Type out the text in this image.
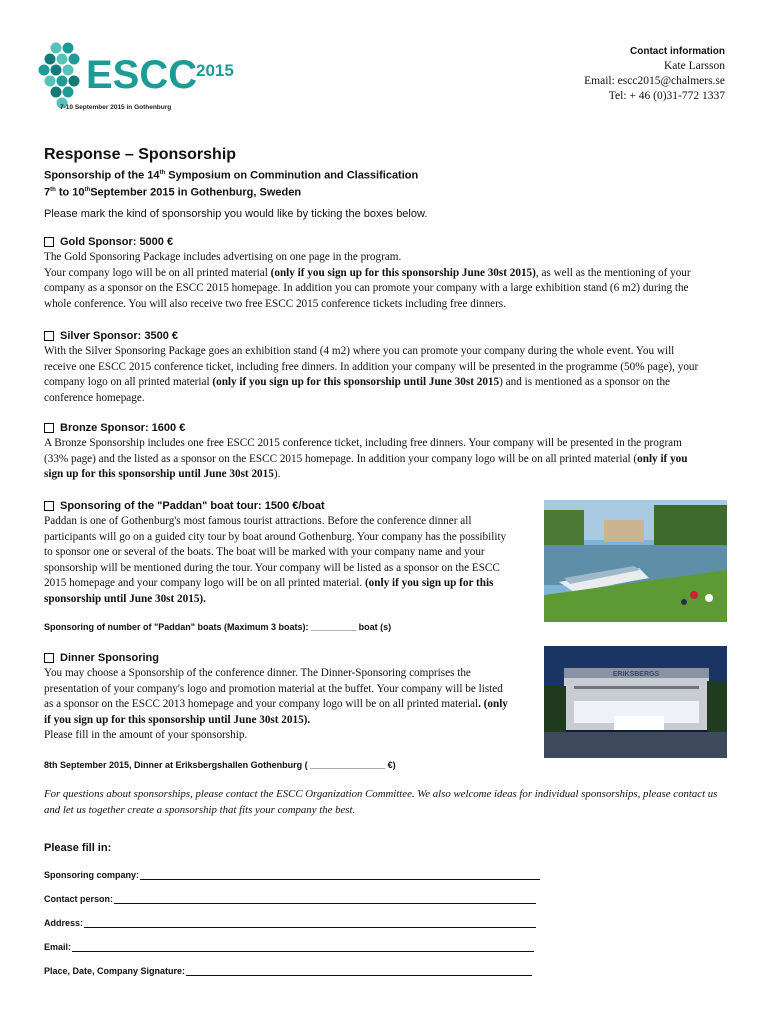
ESCC
2015
7-10 September 2015 in Gothenburg
Contact information
Kate Larsson
Email: escc2015@chalmers.se
Tel: + 46 (0)31-772 1337
Response – Sponsorship
Sponsorship of the 14th Symposium on Comminution and Classification
7th to 10thSeptember 2015 in Gothenburg, Sweden
Please mark the kind of sponsorship you would like by ticking the boxes below.
Gold Sponsor: 5000 €
The Gold Sponsoring Package includes advertising on one page in the program.
Your company logo will be on all printed material (only if you sign up for this sponsorship June 30st 2015), as well as the mentioning of your
company as a sponsor on the ESCC 2015 homepage. In addition you can promote your company with a large exhibition stand (6 m2) during the
whole conference. You will also receive two free ESCC 2015 conference tickets including free dinners.
Silver Sponsor: 3500 €
With the Silver Sponsoring Package goes an exhibition stand (4 m2) where you can promote your company during the whole event. You will
receive one ESCC 2015 conference ticket, including free dinners. In addition your company will be presented in the programme (50% page), your
company logo on all printed material (only if you sign up for this sponsorship until June 30st 2015) and is mentioned as a sponsor on the
conference homepage.
Bronze Sponsor: 1600 €
A Bronze Sponsorship includes one free ESCC 2015 conference ticket, including free dinners. Your company will be presented in the program
(33% page) and the listed as a sponsor on the ESCC 2015 homepage. In addition your company logo will be on all printed material (only if you
sign up for this sponsorship until June 30st 2015).
Sponsoring of the "Paddan" boat tour: 1500 €/boat
Paddan is one of Gothenburg's most famous tourist attractions. Before the conference dinner all
participants will go on a guided city tour by boat around Gothenburg. Your company has the possibility
to sponsor one or several of the boats. The boat will be marked with your company name and your
sponsorship will be mentioned during the tour. Your company will be listed as a sponsor on the ESCC
2015 homepage and your company logo will be on all printed material. (only if you sign up for this
sponsorship until June 30st 2015).
Sponsoring of number of "Paddan" boats (Maximum 3 boats): _________ boat (s)
Dinner Sponsoring
You may choose a Sponsorship of the conference dinner. The Dinner-Sponsoring comprises the
presentation of your company's logo and promotion material at the buffet. Your company will be listed
as a sponsor on the ESCC 2013 homepage and your company logo will be on all printed material. (only
if you sign up for this sponsorship until June 30st 2015).
Please fill in the amount of your sponsorship.
ERIKSBERGS
8th September 2015, Dinner at Eriksbergshallen Gothenburg ( _______________ €)
For questions about sponsorships, please contact the ESCC Organization Committee. We also welcome ideas for individual sponsorships, please contact us
and let us together create a sponsorship that fits your company the best.
Please fill in:
Sponsoring company:
Contact person:
Address:
Email:
Place, Date, Company Signature:
